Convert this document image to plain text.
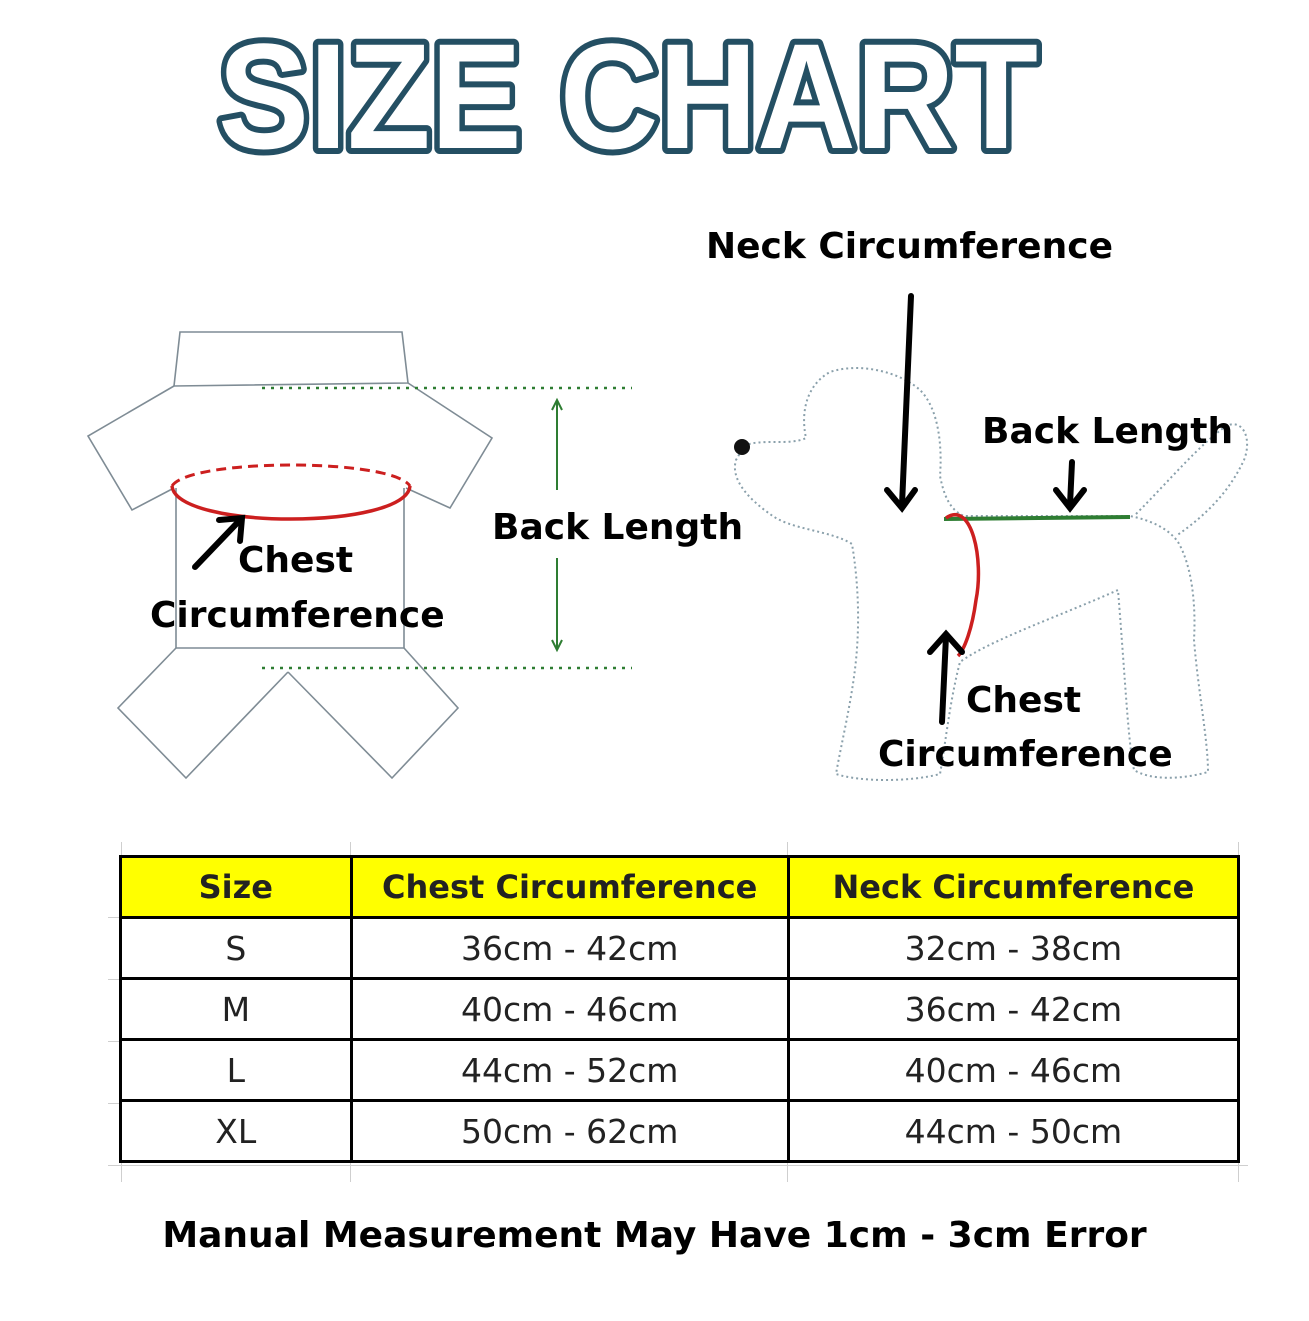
SIZE CHART
Back Length
Chest
Circumference
Neck Circumference
Back Length
Chest
Circumference
Size	Chest Circumference	Neck Circumference
S	36cm - 42cm	32cm - 38cm
M	40cm - 46cm	36cm - 42cm
L	44cm - 52cm	40cm - 46cm
XL	50cm - 62cm	44cm - 50cm
Manual Measurement May Have 1cm - 3cm Error
